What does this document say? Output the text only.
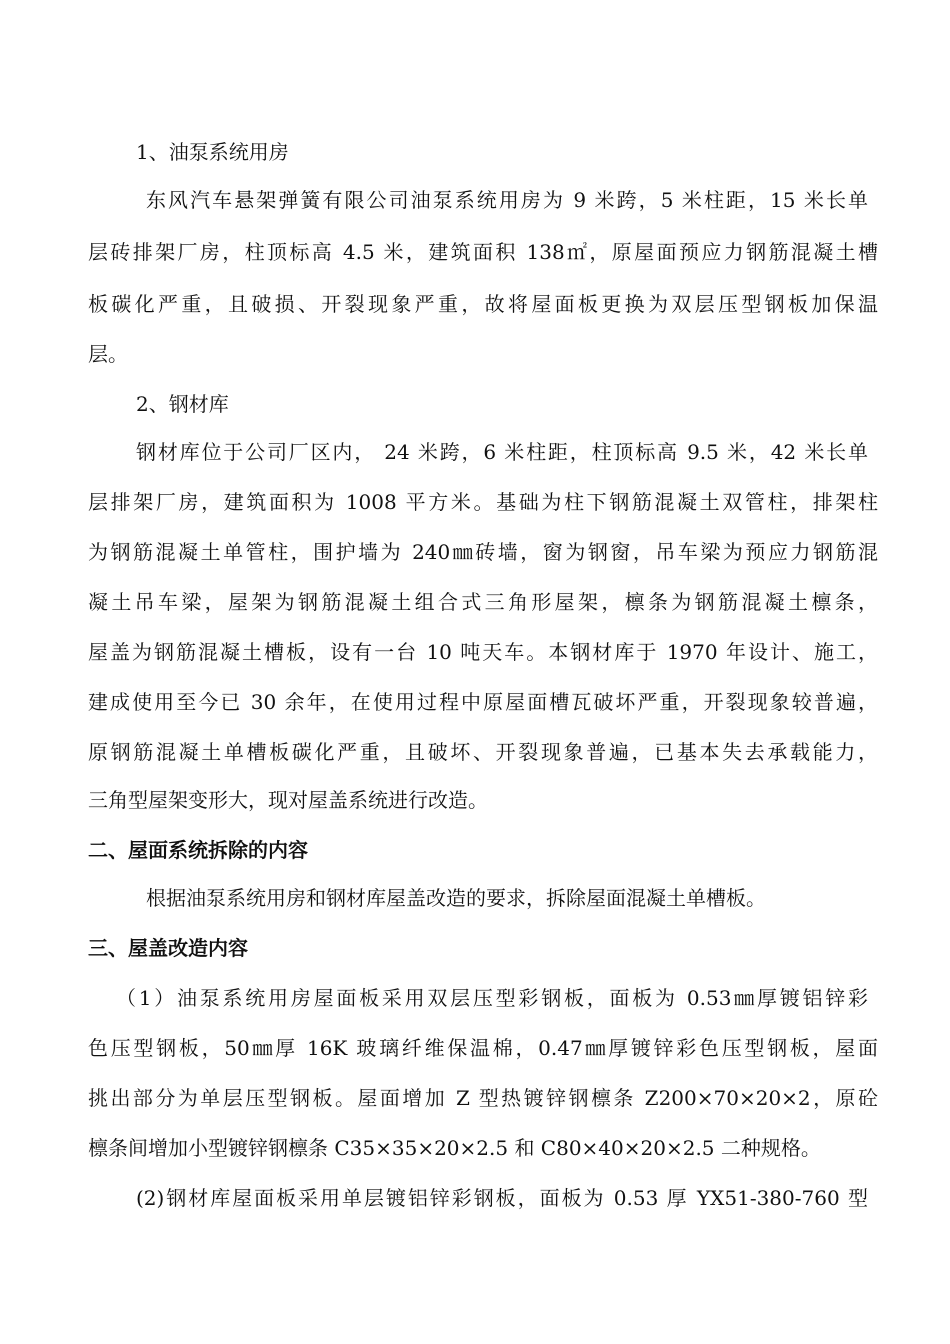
1、油泵系统用房
东风汽车悬架弹簧有限公司油泵系统用房为 9 米跨，5 米柱距，15 米长单
层砖排架厂房，柱顶标高 4.5 米，建筑面积 138㎡，原屋面预应力钢筋混凝土槽
板碳化严重，且破损、开裂现象严重，故将屋面板更换为双层压型钢板加保温
层。
2、钢材库
钢材库位于公司厂区内， 24 米跨，6 米柱距，柱顶标高 9.5 米，42 米长单
层排架厂房，建筑面积为 1008 平方米。基础为柱下钢筋混凝土双管柱，排架柱
为钢筋混凝土单管柱，围护墙为 240㎜砖墙，窗为钢窗，吊车梁为预应力钢筋混
凝土吊车梁，屋架为钢筋混凝土组合式三角形屋架，檩条为钢筋混凝土檩条，
屋盖为钢筋混凝土槽板，设有一台 10 吨天车。本钢材库于 1970 年设计、施工，
建成使用至今已 30 余年，在使用过程中原屋面槽瓦破坏严重，开裂现象较普遍，
原钢筋混凝土单槽板碳化严重，且破坏、开裂现象普遍，已基本失去承载能力，
三角型屋架变形大，现对屋盖系统进行改造。
二、屋面系统拆除的内容
根据油泵系统用房和钢材库屋盖改造的要求，拆除屋面混凝土单槽板。
三、屋盖改造内容
（1）油泵系统用房屋面板采用双层压型彩钢板，面板为 0.53㎜厚镀铝锌彩
色压型钢板，50㎜厚 16K 玻璃纤维保温棉，0.47㎜厚镀锌彩色压型钢板，屋面
挑出部分为单层压型钢板。屋面增加 Z 型热镀锌钢檩条 Z200×70×20×2，原砼
檩条间增加小型镀锌钢檩条 C35×35×20×2.5 和 C80×40×20×2.5 二种规格。
(2)钢材库屋面板采用单层镀铝锌彩钢板，面板为 0.53 厚 YX51-380-760 型
